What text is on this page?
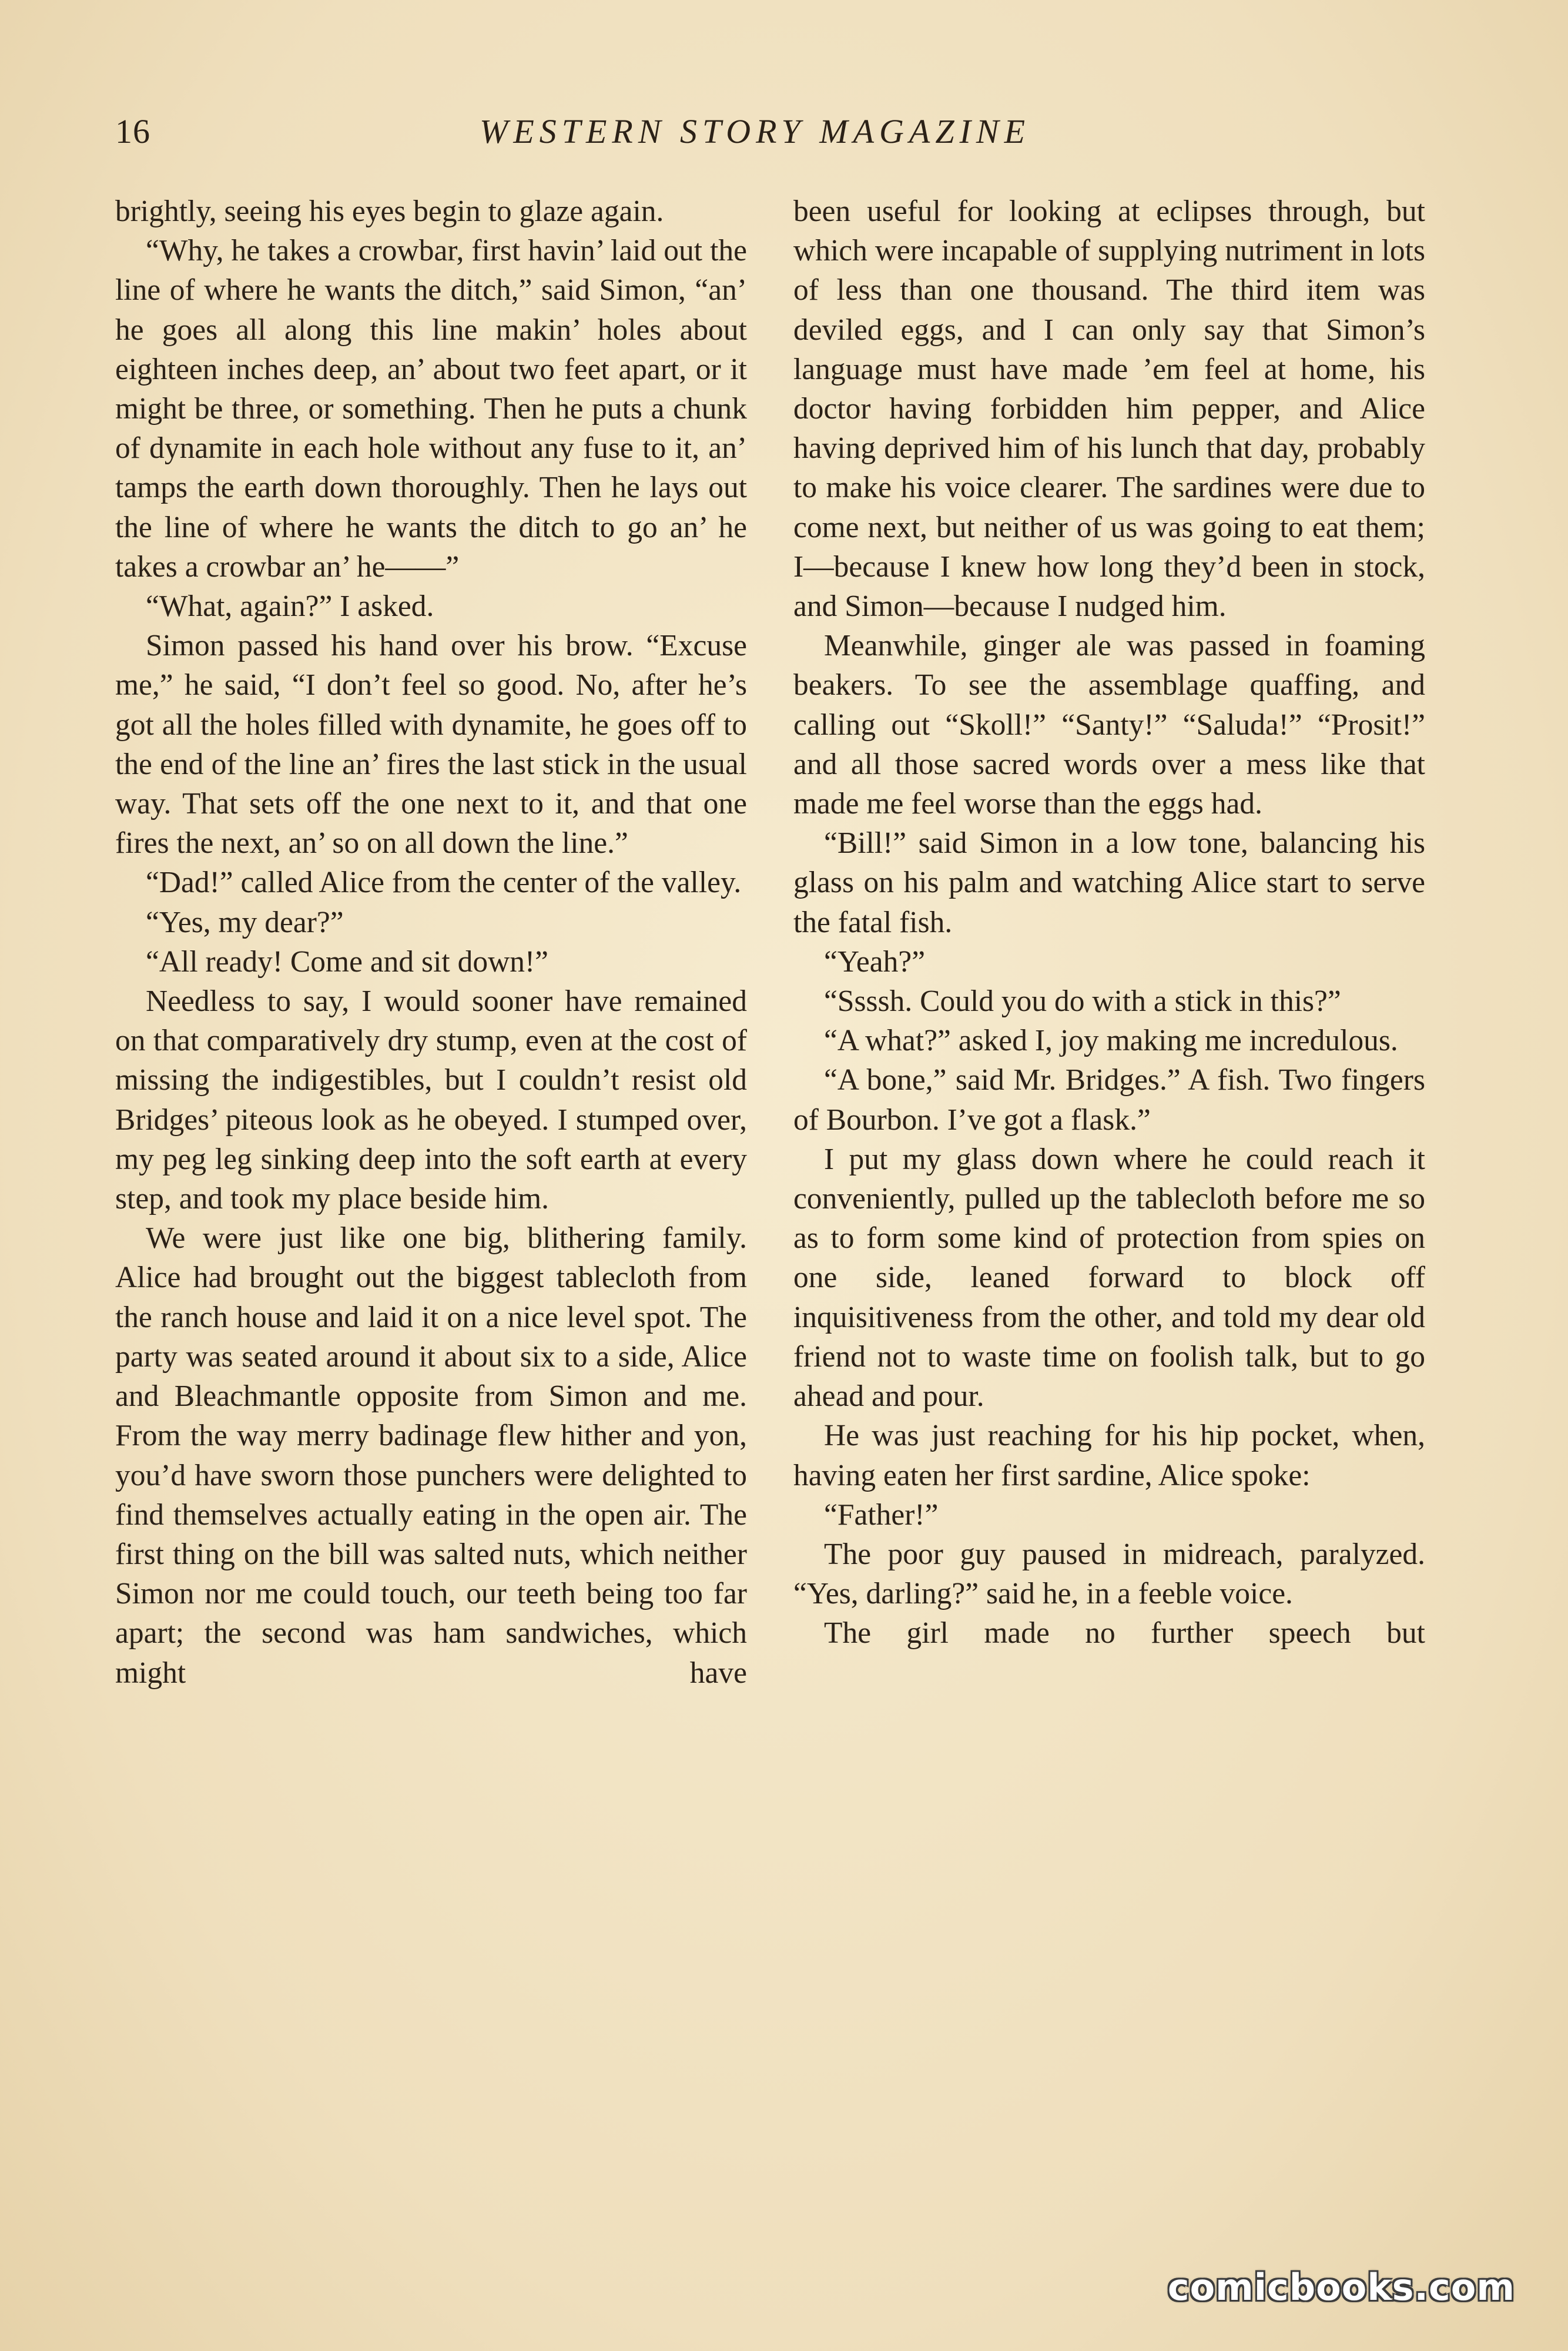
16	WESTERN STORY MAGAZINE

brightly, seeing his eyes begin to glaze again.

“Why, he takes a crowbar, first havin’ laid out the line of where he wants the ditch,” said Simon, “an’ he goes all along this line makin’ holes about eighteen inches deep, an’ about two feet apart, or it might be three, or something. Then he puts a chunk of dynamite in each hole without any fuse to it, an’ tamps the earth down thoroughly. Then he lays out the line of where he wants the ditch to go an’ he takes a crowbar an’ he——”

“What, again?” I asked.

Simon passed his hand over his brow. “Excuse me,” he said, “I don’t feel so good. No, after he’s got all the holes filled with dynamite, he goes off to the end of the line an’ fires the last stick in the usual way. That sets off the one next to it, and that one fires the next, an’ so on all down the line.”

“Dad!” called Alice from the center of the valley.

“Yes, my dear?”

“All ready! Come and sit down!”

Needless to say, I would sooner have remained on that comparatively dry stump, even at the cost of missing the indigestibles, but I couldn’t resist old Bridges’ piteous look as he obeyed. I stumped over, my peg leg sinking deep into the soft earth at every step, and took my place beside him.

We were just like one big, blithering family. Alice had brought out the biggest tablecloth from the ranch house and laid it on a nice level spot. The party was seated around it about six to a side, Alice and Bleachmantle opposite from Simon and me. From the way merry badinage flew hither and yon, you’d have sworn those punchers were delighted to find themselves actually eating in the open air. The first thing on the bill was salted nuts, which neither Simon nor me could touch, our teeth being too far apart; the second was ham sandwiches, which might have

been useful for looking at eclipses through, but which were incapable of supplying nutriment in lots of less than one thousand. The third item was deviled eggs, and I can only say that Simon’s language must have made ’em feel at home, his doctor having forbidden him pepper, and Alice having deprived him of his lunch that day, probably to make his voice clearer. The sardines were due to come next, but neither of us was going to eat them; I—because I knew how long they’d been in stock, and Simon—because I nudged him.

Meanwhile, ginger ale was passed in foaming beakers. To see the assemblage quaffing, and calling out “Skoll!” “Santy!” “Saluda!” “Prosit!” and all those sacred words over a mess like that made me feel worse than the eggs had.

“Bill!” said Simon in a low tone, balancing his glass on his palm and watching Alice start to serve the fatal fish.

“Yeah?”

“Ssssh. Could you do with a stick in this?”

“A what?” asked I, joy making me incredulous.

“A bone,” said Mr. Bridges.” A fish. Two fingers of Bourbon. I’ve got a flask.”

I put my glass down where he could reach it conveniently, pulled up the tablecloth before me so as to form some kind of protection from spies on one side, leaned forward to block off inquisitiveness from the other, and told my dear old friend not to waste time on foolish talk, but to go ahead and pour.

He was just reaching for his hip pocket, when, having eaten her first sardine, Alice spoke:

“Father!”

The poor guy paused in midreach, paralyzed. “Yes, darling?” said he, in a feeble voice.

The girl made no further speech but

comicbooks.com
